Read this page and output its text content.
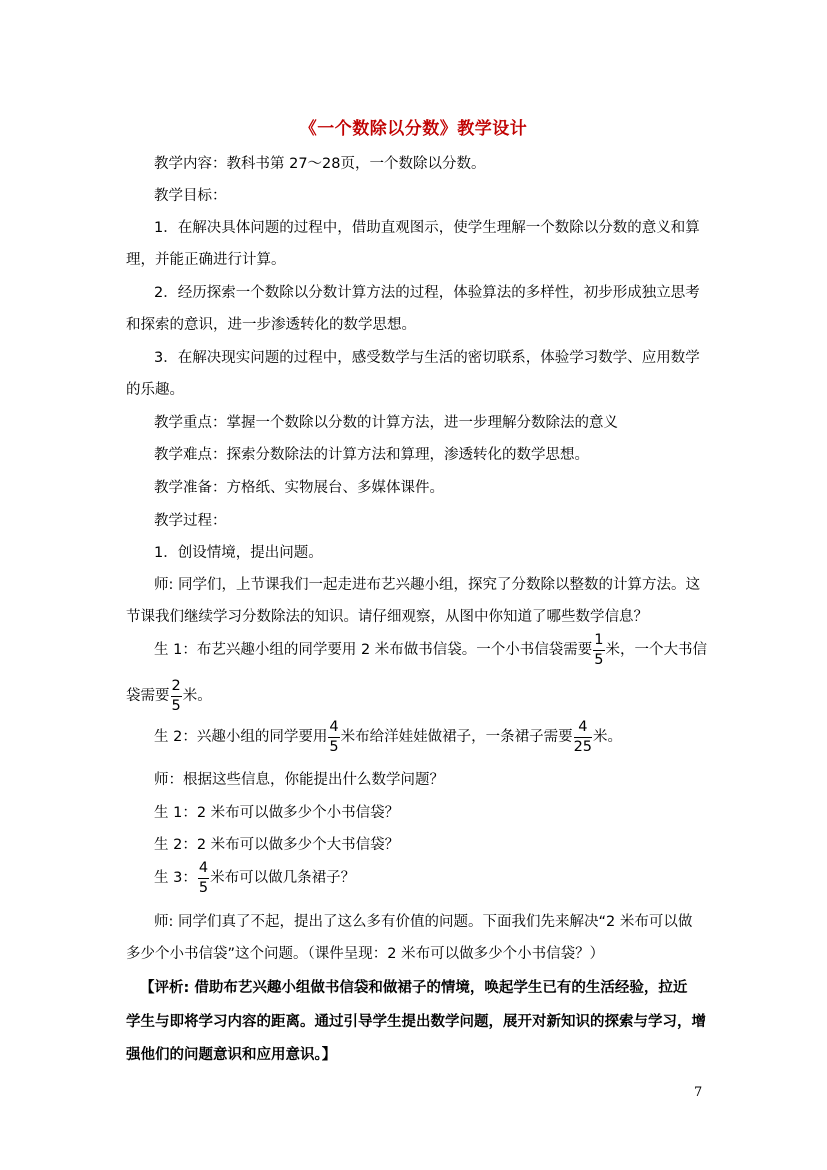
《一个数除以分数》教学设计
教学内容：教科书第 27～28页，一个数除以分数。
教学目标：
1．在解决具体问题的过程中，借助直观图示，使学生理解一个数除以分数的意义和算
理，并能正确进行计算。
2．经历探索一个数除以分数计算方法的过程，体验算法的多样性，初步形成独立思考
和探索的意识，进一步渗透转化的数学思想。
3．在解决现实问题的过程中，感受数学与生活的密切联系，体验学习数学、应用数学
的乐趣。
教学重点：掌握一个数除以分数的计算方法，进一步理解分数除法的意义
教学难点：探索分数除法的计算方法和算理，渗透转化的数学思想。
教学准备：方格纸、实物展台、多媒体课件。
教学过程：
1．创设情境，提出问题。
师: 同学们，上节课我们一起走进布艺兴趣小组，探究了分数除以整数的计算方法。这
节课我们继续学习分数除法的知识。请仔细观察，从图中你知道了哪些数学信息？
生 1：布艺兴趣小组的同学要用 2 米布做书信袋。一个小书信袋需要 $\frac{1}{5}$ 米，一个大书信
袋需要 $\frac{2}{5}$ 米。
生 2：兴趣小组的同学要用 $\frac{4}{5}$ 米布给洋娃娃做裙子，一条裙子需要 $\frac{4}{25}$ 米。
师：根据这些信息，你能提出什么数学问题？
生 1：2 米布可以做多少个小书信袋？
生 2：2 米布可以做多少个大书信袋？
生 3： $\frac{4}{5}$ 米布可以做几条裙子？
师: 同学们真了不起，提出了这么多有价值的问题。下面我们先来解决“2 米布可以做
多少个小书信袋”这个问题。（课件呈现：2 米布可以做多少个小书信袋？）
【评析: 借助布艺兴趣小组做书信袋和做裙子的情境，唤起学生已有的生活经验，拉近
学生与即将学习内容的距离。通过引导学生提出数学问题，展开对新知识的探索与学习，增
强他们的问题意识和应用意识。】
7
